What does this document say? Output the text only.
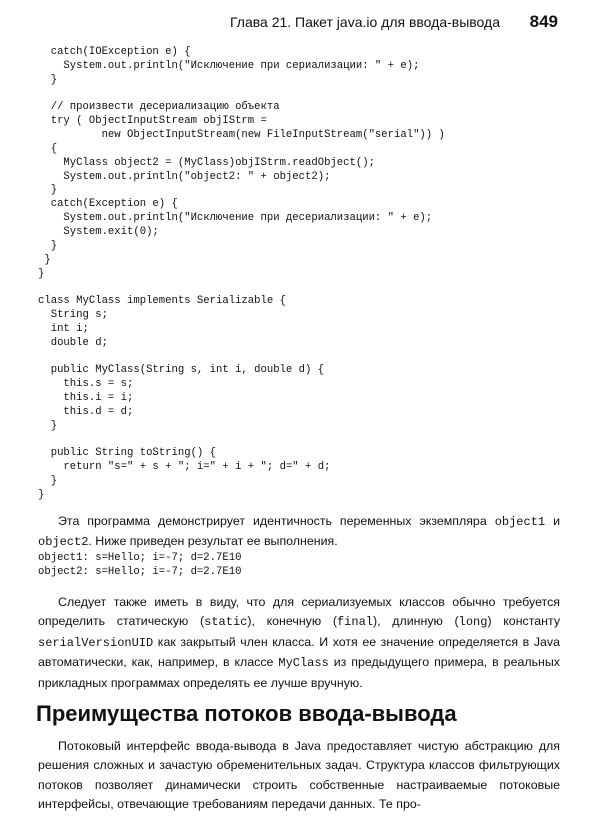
Глава 21. Пакет java.io для ввода-вывода 849
catch(IOException e) {
System.out.println("Исключение при сериализации: " + e);
}
// произвести десериализацию объекта
try ( ObjectInputStream objIStrm =
new ObjectInputStream(new FileInputStream("serial")) )
{
MyClass object2 = (MyClass)objIStrm.readObject();
System.out.println("object2: " + object2);
}
catch(Exception e) {
System.out.println("Исключение при десериализации: " + e);
System.exit(0);
}
}
}
class MyClass implements Serializable {
String s;
int i;
double d;
public MyClass(String s, int i, double d) {
this.s = s;
this.i = i;
this.d = d;
}
public String toString() {
return "s=" + s + "; i=" + i + "; d=" + d;
}
}

Эта программа демонстрирует идентичность переменных экземпляра object1 и object2. Ниже приведен результат ее выполнения.

object1: s=Hello; i=-7; d=2.7E10
object2: s=Hello; i=-7; d=2.7E10

Следует также иметь в виду, что для сериализуемых классов обычно требуется определить статическую (static), конечную (final), длинную (long) константу serialVersionUID как закрытый член класса. И хотя ее значение определяется в Java автоматически, как, например, в классе MyClass из предыдущего примера, в реальных прикладных программах определять ее лучше вручную.

Преимущества потоков ввода-вывода

Потоковый интерфейс ввода-вывода в Java предоставляет чистую абстракцию для решения сложных и зачастую обременительных задач. Структура классов фильтрующих потоков позволяет динамически строить собственные настраиваемые потоковые интерфейсы, отвечающие требованиям передачи данных. Те про-
